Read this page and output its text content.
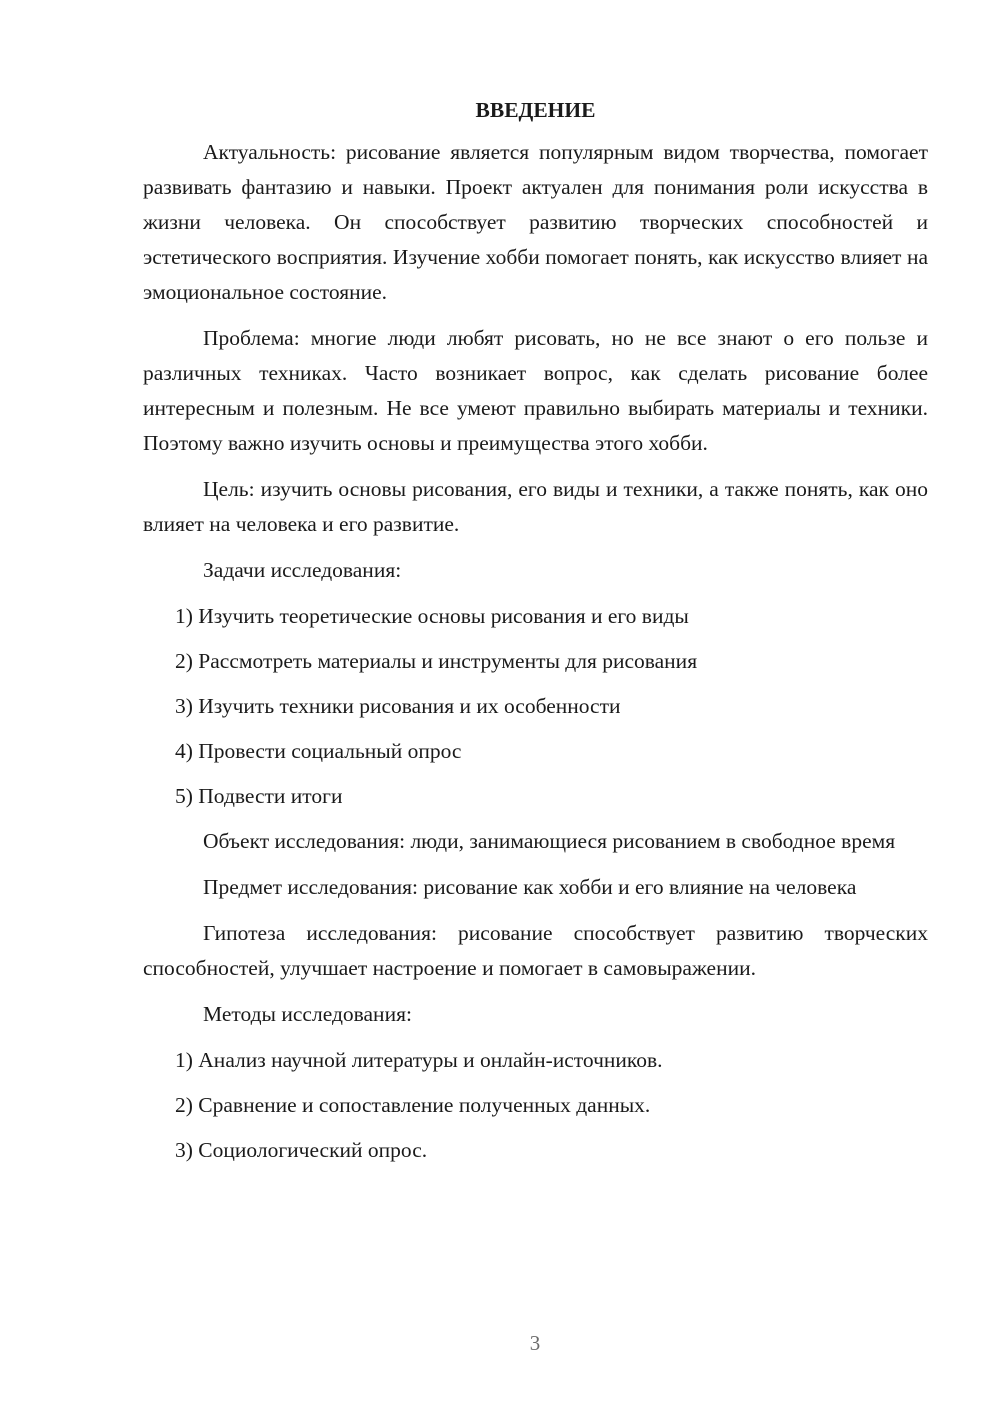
ВВЕДЕНИЕ

Актуальность: рисование является популярным видом творчества, помогает развивать фантазию и навыки. Проект актуален для понимания роли искусства в жизни человека. Он способствует развитию творческих способностей и эстетического восприятия. Изучение хобби помогает понять, как искусство влияет на эмоциональное состояние.

Проблема: многие люди любят рисовать, но не все знают о его пользе и различных техниках. Часто возникает вопрос, как сделать рисование более интересным и полезным. Не все умеют правильно выбирать материалы и техники. Поэтому важно изучить основы и преимущества этого хобби.

Цель: изучить основы рисования, его виды и техники, а также понять, как оно влияет на человека и его развитие.

Задачи исследования:

1) Изучить теоретические основы рисования и его виды
2) Рассмотреть материалы и инструменты для рисования
3) Изучить техники рисования и их особенности
4) Провести социальный опрос
5) Подвести итоги

Объект исследования: люди, занимающиеся рисованием в свободное время

Предмет исследования: рисование как хобби и его влияние на человека

Гипотеза исследования: рисование способствует развитию творческих способностей, улучшает настроение и помогает в самовыражении.

Методы исследования:

1) Анализ научной литературы и онлайн-источников.
2) Сравнение и сопоставление полученных данных.
3) Социологический опрос.
3
